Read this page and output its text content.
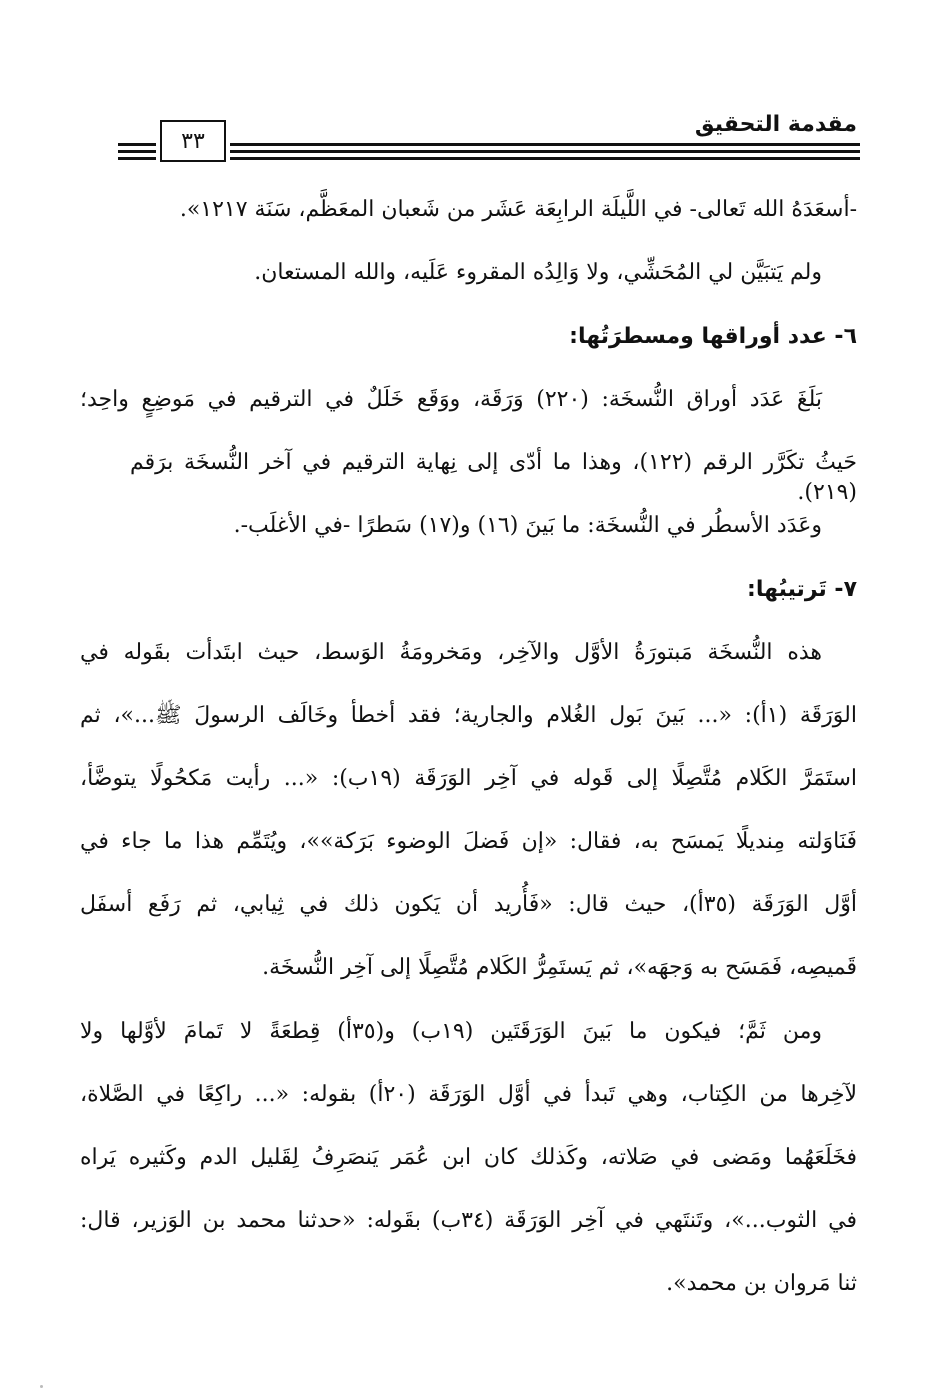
مقدمة التحقيق
٣٣
-أسعَدَهُ الله تَعالى- في اللَّيلَة الرابِعَة عَشَر من شَعبان المعَظَّم، سَنَة ١٢١٧».
ولم يَتبَيَّن لي المُحَشِّي، ولا وَالِدُه المقروء عَلَيه، والله المستعان.
٦- عدد أوراقها ومسطرَتُها:
بَلَغَ عَدَد أوراق النُّسخَة: (٢٢٠) وَرَقَة، ووَقَع خَلَلٌ في الترقيم في مَوضِعٍ واحِد؛
حَيثُ تكَرَّر الرقم (١٢٢)، وهذا ما أدّى إلى نِهاية الترقيم في آخر النُّسخَة برَقم (٢١٩).
وعَدَد الأسطُر في النُّسخَة: ما بَينَ (١٦) و(١٧) سَطرًا -في الأغلَب-.
٧- تَرتيبُها:
هذه النُّسخَة مَبتورَةُ الأوَّل والآخِر، ومَخرومَةُ الوَسط، حيث ابتَدأت بقَوله في
الوَرَقَة (١أ): «... بَينَ بَول الغُلام والجارية؛ فقد أخطأ وخَالَف الرسولَ ﷺ...»، ثم
استَمَرَّ الكَلام مُتَّصِلًا إلى قَوله في آخِر الوَرَقَة (١٩ب): «... رأيت مَكحُولًا يتوضَّأ،
فَنَاوَلته مِنديلًا يَمسَح به، فقال: «إن فَضلَ الوضوء بَرَكة»»، ويُتَمِّم هذا ما جاء في
أوَّل الوَرَقَة (٣٥أ)، حيث قال: «فَأُريد أن يَكون ذلك في ثِيابي، ثم رَفَع أسفَل
قَميصِه، فَمَسَح به وَجهَه»، ثم يَستَمِرُّ الكَلام مُتَّصِلًا إلى آخِر النُّسخَة.
ومن ثَمَّ؛ فيكون ما بَينَ الوَرَقَتَين (١٩ب) و(٣٥أ) قِطعَةً لا تَمامَ لأوَّلها ولا
لآخِرها من الكِتاب، وهي تَبدأ في أوَّل الوَرَقَة (٢٠أ) بقوله: «... راكِعًا في الصَّلاة،
فخَلَعَهُما ومَضى في صَلاته، وكَذلك كان ابن عُمَر يَنصَرِفُ لِقَليل الدم وكَثيره يَراه
في الثوب...»، وتَنتَهي في آخِر الوَرَقَة (٣٤ب) بقَوله: «حدثنا محمد بن الوَزير، قال:
ثنا مَروان بن محمد».
